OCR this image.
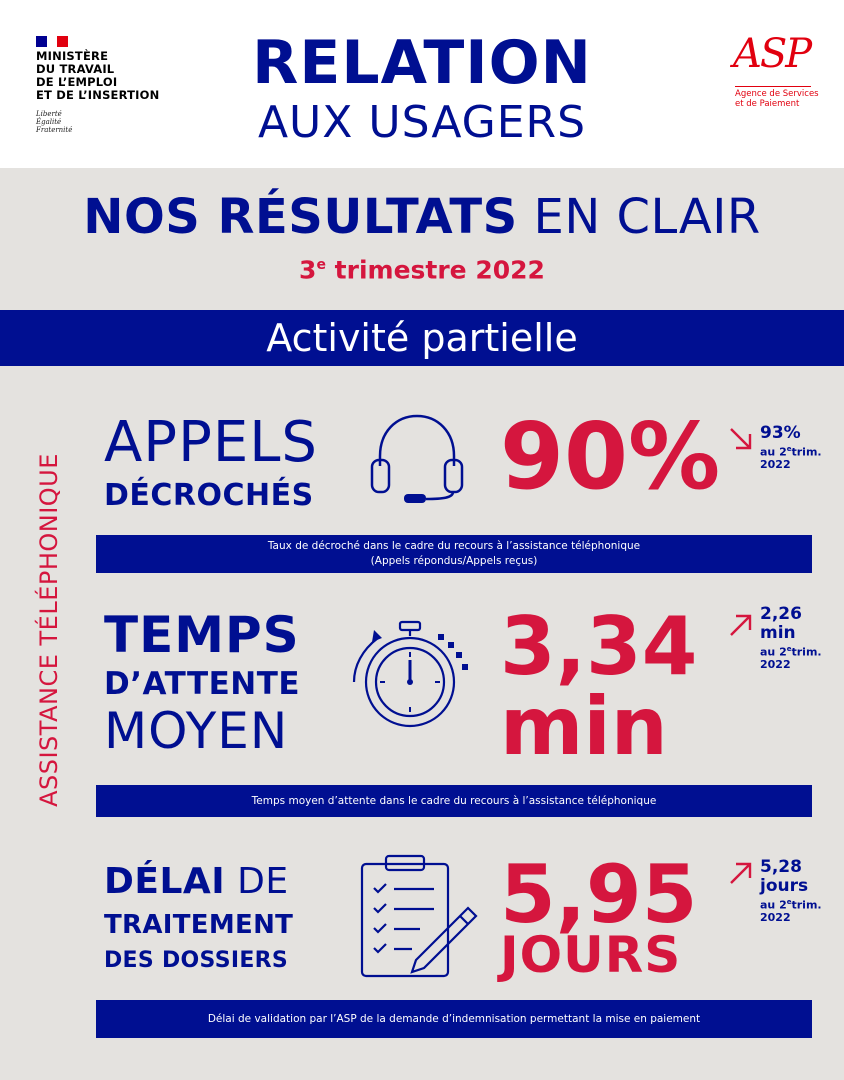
MINISTÈRE
DU TRAVAIL
DE L’EMPLOI
ET DE L’INSERTION
Liberté
Égalité
Fraternité
RELATION
AUX USAGERS
ASP
Agence de Services
et de Paiement
NOS RÉSULTATS EN CLAIR
3e trimestre 2022
Activité partielle
ASSISTANCE TÉLÉPHONIQUE
APPELS
DÉCROCHÉS 90% 93%
au 2etrim.
2022
Taux de décroché dans le cadre du recours à l’assistance téléphonique
(Appels répondus/Appels reçus)
TEMPS
D’ATTENTE
MOYEN
3,34
min
2,26
min
au 2etrim.
2022
Temps moyen d’attente dans le cadre du recours à l’assistance téléphonique
DÉLAI DE
TRAITEMENT
DES DOSSIERS
5,95
JOURS
5,28
jours
au 2etrim.
2022
Délai de validation par l’ASP de la demande d’indemnisation permettant la mise en paiement
